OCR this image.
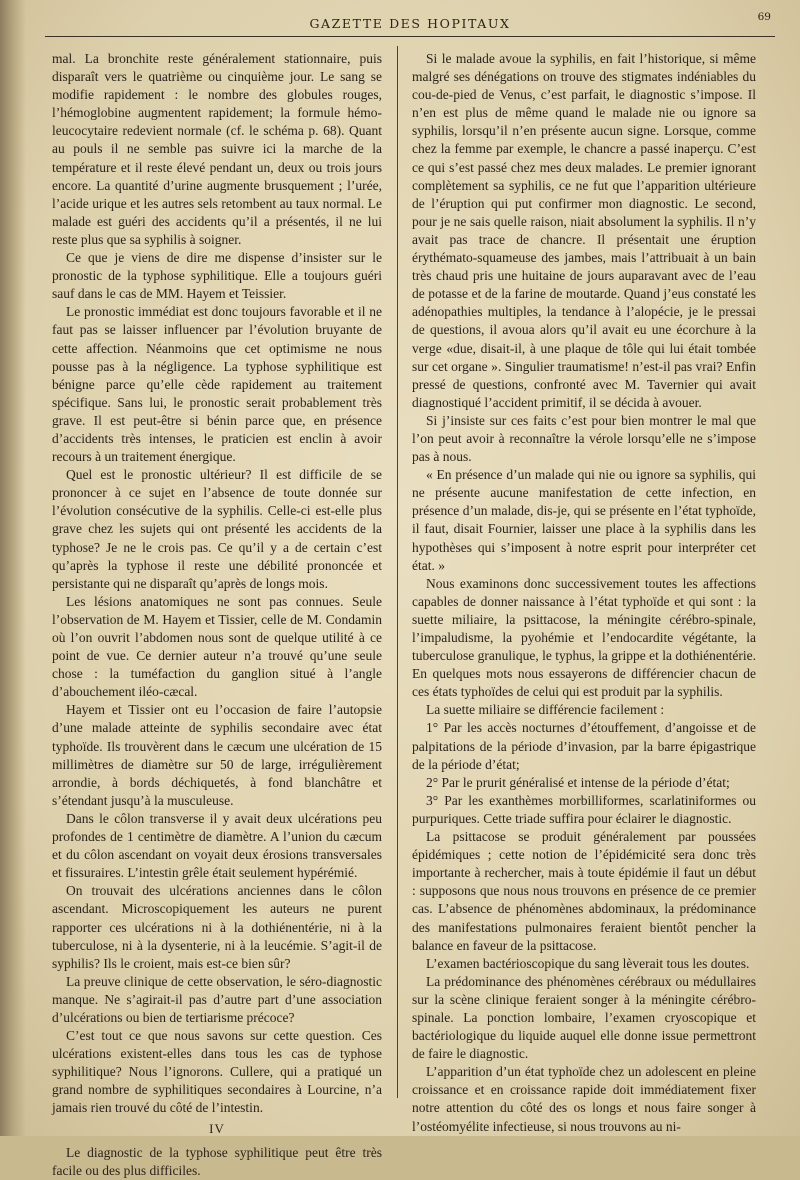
GAZETTE DES HOPITAUX	69

mal. La bronchite reste généralement stationnaire, puis disparaît vers le quatrième ou cinquième jour. Le sang se modifie rapidement : le nombre des globules rouges, l’hémoglobine augmentent rapidement; la formule hémo-leucocytaire redevient normale (cf. le schéma p. 68). Quant au pouls il ne semble pas suivre ici la marche de la température et il reste élevé pendant un, deux ou trois jours encore. La quantité d’urine augmente brusquement ; l’urée, l’acide urique et les autres sels retombent au taux normal. Le malade est guéri des accidents qu’il a présentés, il ne lui reste plus que sa syphilis à soigner.

Ce que je viens de dire me dispense d’insister sur le pronostic de la typhose syphilitique. Elle a toujours guéri sauf dans le cas de MM. Hayem et Teissier.

Le pronostic immédiat est donc toujours favorable et il ne faut pas se laisser influencer par l’évolution bruyante de cette affection. Néanmoins que cet optimisme ne nous pousse pas à la négligence. La typhose syphilitique est bénigne parce qu’elle cède rapidement au traitement spécifique. Sans lui, le pronostic serait probablement très grave. Il est peut-être si bénin parce que, en présence d’accidents très intenses, le praticien est enclin à avoir recours à un traitement énergique.

Quel est le pronostic ultérieur? Il est difficile de se prononcer à ce sujet en l’absence de toute donnée sur l’évolution consécutive de la syphilis. Celle-ci est-elle plus grave chez les sujets qui ont présenté les accidents de la typhose? Je ne le crois pas. Ce qu’il y a de certain c’est qu’après la typhose il reste une débilité prononcée et persistante qui ne disparaît qu’après de longs mois.

Les lésions anatomiques ne sont pas connues. Seule l’observation de M. Hayem et Tissier, celle de M. Condamin où l’on ouvrit l’abdomen nous sont de quelque utilité à ce point de vue. Ce dernier auteur n’a trouvé qu’une seule chose : la tuméfaction du ganglion situé à l’angle d’abouchement iléo-cæcal.

Hayem et Tissier ont eu l’occasion de faire l’autopsie d’une malade atteinte de syphilis secondaire avec état typhoïde. Ils trouvèrent dans le cæcum une ulcération de 15 millimètres de diamètre sur 50 de large, irrégulièrement arrondie, à bords déchiquetés, à fond blanchâtre et s’étendant jusqu’à la musculeuse.

Dans le côlon transverse il y avait deux ulcérations peu profondes de 1 centimètre de diamètre. A l’union du cæcum et du côlon ascendant on voyait deux érosions transversales et fissuraires. L’intestin grêle était seulement hypérémié.

On trouvait des ulcérations anciennes dans le côlon ascendant. Microscopiquement les auteurs ne purent rapporter ces ulcérations ni à la dothiénentérie, ni à la tuberculose, ni à la dysenterie, ni à la leucémie. S’agit-il de syphilis? Ils le croient, mais est-ce bien sûr?

La preuve clinique de cette observation, le séro-diagnostic manque. Ne s’agirait-il pas d’autre part d’une association d’ulcérations ou bien de tertiarisme précoce?

C’est tout ce que nous savons sur cette question. Ces ulcérations existent-elles dans tous les cas de typhose syphilitique? Nous l’ignorons. Cullere, qui a pratiqué un grand nombre de syphilitiques secondaires à Lourcine, n’a jamais rien trouvé du côté de l’intestin.

IV

Le diagnostic de la typhose syphilitique peut être très facile ou des plus difficiles.

Si le malade avoue la syphilis, en fait l’historique, si même malgré ses dénégations on trouve des stigmates indéniables du cou-de-pied de Venus, c’est parfait, le diagnostic s’impose. Il n’en est plus de même quand le malade nie ou ignore sa syphilis, lorsqu’il n’en présente aucun signe. Lorsque, comme chez la femme par exemple, le chancre a passé inaperçu. C’est ce qui s’est passé chez mes deux malades. Le premier ignorant complètement sa syphilis, ce ne fut que l’apparition ultérieure de l’éruption qui put confirmer mon diagnostic. Le second, pour je ne sais quelle raison, niait absolument la syphilis. Il n’y avait pas trace de chancre. Il présentait une éruption érythémato-squameuse des jambes, mais l’attribuait à un bain très chaud pris une huitaine de jours auparavant avec de l’eau de potasse et de la farine de moutarde. Quand j’eus constaté les adénopathies multiples, la tendance à l’alopécie, je le pressai de questions, il avoua alors qu’il avait eu une écorchure à la verge «due, disait-il, à une plaque de tôle qui lui était tombée sur cet organe ». Singulier traumatisme! n’est-il pas vrai? Enfin pressé de questions, confronté avec M. Tavernier qui avait diagnostiqué l’accident primitif, il se décida à avouer.

Si j’insiste sur ces faits c’est pour bien montrer le mal que l’on peut avoir à reconnaître la vérole lorsqu’elle ne s’impose pas à nous.

« En présence d’un malade qui nie ou ignore sa syphilis, qui ne présente aucune manifestation de cette infection, en présence d’un malade, dis-je, qui se présente en l’état typhoïde, il faut, disait Fournier, laisser une place à la syphilis dans les hypothèses qui s’imposent à notre esprit pour interpréter cet état. »

Nous examinons donc successivement toutes les affections capables de donner naissance à l’état typhoïde et qui sont : la suette miliaire, la psittacose, la méningite cérébro-spinale, l’impaludisme, la pyohémie et l’endocardite végétante, la tuberculose granulique, le typhus, la grippe et la dothiénentérie. En quelques mots nous essayerons de différencier chacun de ces états typhoïdes de celui qui est produit par la syphilis.

La suette miliaire se différencie facilement :

1° Par les accès nocturnes d’étouffement, d’angoisse et de palpitations de la période d’invasion, par la barre épigastrique de la période d’état;

2° Par le prurit généralisé et intense de la période d’état;

3° Par les exanthèmes morbilliformes, scarlatiniformes ou purpuriques. Cette triade suffira pour éclairer le diagnostic.

La psittacose se produit généralement par poussées épidémiques ; cette notion de l’épidémicité sera donc très importante à rechercher, mais à toute épidémie il faut un début : supposons que nous nous trouvons en présence de ce premier cas. L’absence de phénomènes abdominaux, la prédominance des manifestations pulmonaires feraient bientôt pencher la balance en faveur de la psittacose.

L’examen bactérioscopique du sang lèverait tous les doutes.

La prédominance des phénomènes cérébraux ou médullaires sur la scène clinique feraient songer à la méningite cérébro-spinale. La ponction lombaire, l’examen cryoscopique et bactériologique du liquide auquel elle donne issue permettront de faire le diagnostic.

L’apparition d’un état typhoïde chez un adolescent en pleine croissance et en croissance rapide doit immédiatement fixer notre attention du côté des os longs et nous faire songer à l’ostéomyélite infectieuse, si nous trouvons au ni-
